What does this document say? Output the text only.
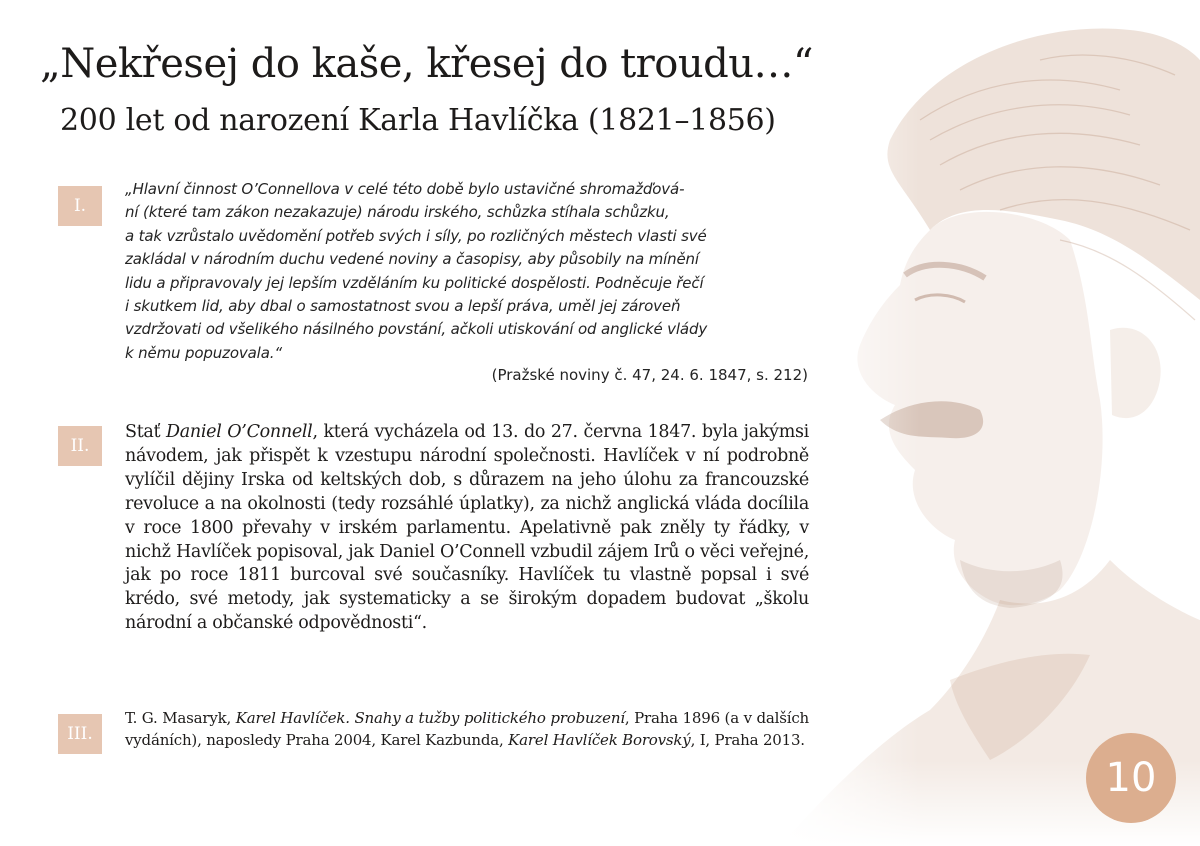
„Nekřesej do kaše, křesej do troudu…“
200 let od narození Karla Havlíčka (1821–1856)
I.
„Hlavní činnost O’Connellova v celé této době bylo ustavičné shromažďová-
ní (které tam zákon nezakazuje) národu irského, schůzka stíhala schůzku,
a tak vzrůstalo uvědomění potřeb svých i síly, po rozličných městech vlasti své
zakládal v národním duchu vedené noviny a časopisy, aby působily na mínění
lidu a připravovaly jej lepším vzděláním ku politické dospělosti. Podněcuje řečí
i skutkem lid, aby dbal o samostatnost svou a lepší práva, uměl jej zároveň
vzdržovati od všelikého násilného povstání, ačkoli utiskování od anglické vlády
k němu popuzovala.“
(Pražské noviny č. 47, 24. 6. 1847, s. 212)
II.

Stať Daniel O’Connell, která vycházela od 13. do 27. června 1847. byla jakýmsi návodem, jak přispět k vzestupu národní společnosti. Havlíček v ní podrobně vylíčil dějiny Irska od keltských dob, s důrazem na jeho úlohu za francouzské revoluce a na okolnosti (tedy rozsáhlé úplatky), za nichž anglická vláda docílila v roce 1800 převahy v irském parlamentu. Apelativně pak zněly ty řádky, v nichž Havlíček popisoval, jak Daniel O’Connell vzbudil zájem Irů o věci veřejné, jak po roce 1811 burcoval své současníky. Havlíček tu vlastně popsal i své krédo, své metody, jak systematicky a se širokým dopadem budovat „školu národní a občanské odpovědnosti“.

III.

T. G. Masaryk, Karel Havlíček. Snahy a tužby politického probuzení, Praha 1896 (a v dalších vydáních), naposledy Praha 2004, Karel Kazbunda, Karel Havlíček Borovský, I, Praha 2013.

10
